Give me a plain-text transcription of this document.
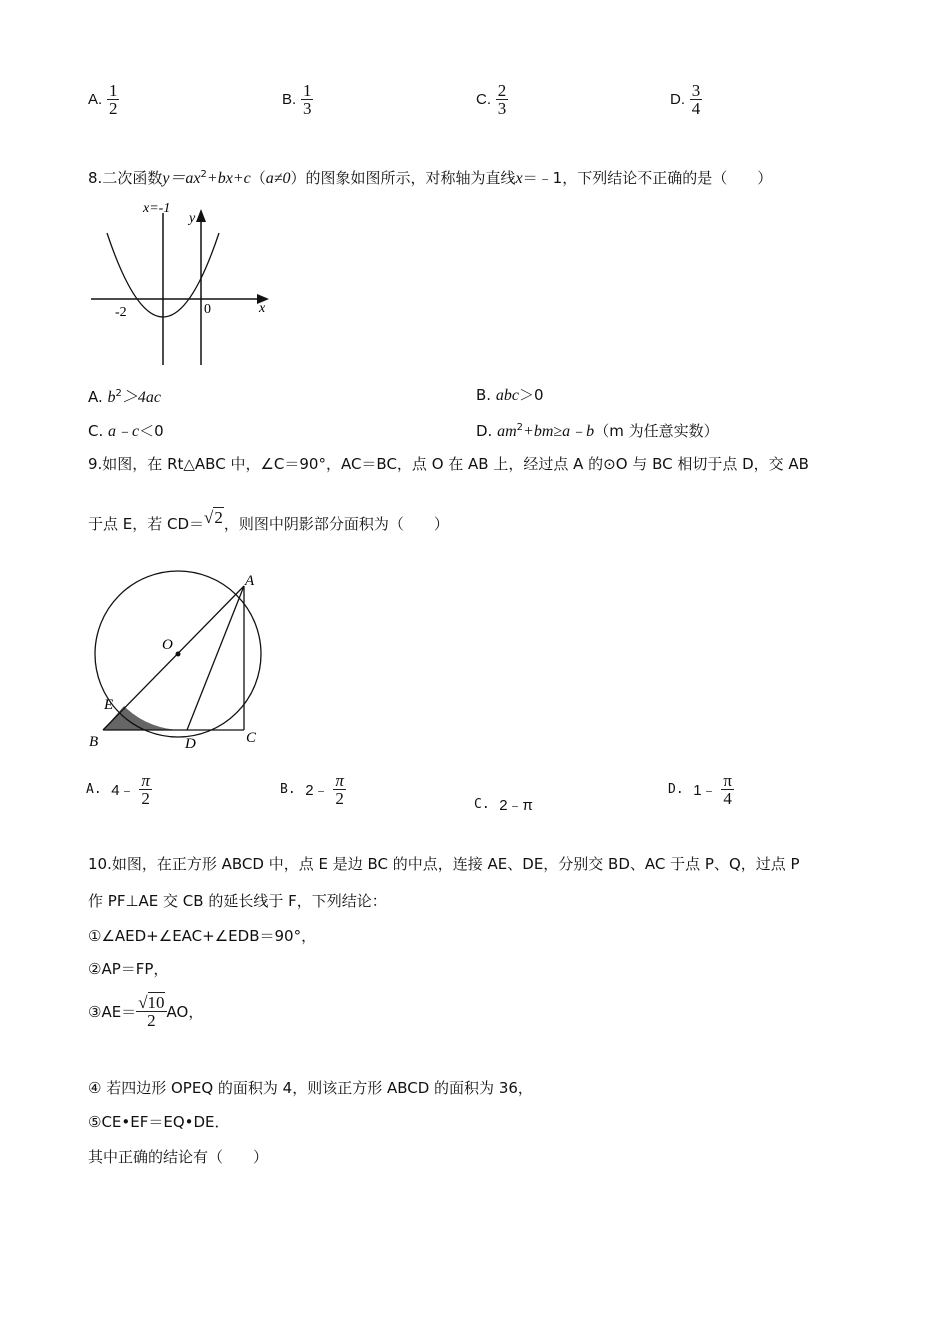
A. $\frac{1}{2}$	B. $\frac{1}{3}$	C. $\frac{2}{3}$	D. $\frac{3}{4}$
8.二次函数$y=ax^2+bx+c(a\ne 0)$的图象如图所示，对称轴为直线x＝﹣1，下列结论不正确的是（　　）
x=-1
y
x
-2	0
A. $b^2>4ac$	B. abc＞0
C. a﹣c＜0	D. $am^2+bm\ge a﹣b(m$ 为任意实数）
9.如图，在 Rt△ABC 中，∠C＝90°，AC＝BC，点 O 在 AB 上，经过点 A 的⊙O 与 BC 相切于点 D，交 AB
于点 E，若 CD＝√2，则图中阴影部分面积为（　　）
A
O
E
B	D	C
A. 4﹣ $\frac{\pi}{2}$	B. 2﹣ $\frac{\pi}{2}$	C. 2﹣π
D. 1﹣ $\frac{\pi}{4}$
10.如图，在正方形 ABCD 中，点 E 是边 BC 的中点，连接 AE、DE，分别交 BD、AC 于点 P、Q，过点 P
作 PF⊥AE 交 CB 的延长线于 F，下列结论：
①∠AED+∠EAC+∠EDB＝90°，
②AP＝FP，
③AE＝ $\frac{√10}{2}$ AO，
④ 若四边形 OPEQ 的面积为 4，则该正方形 ABCD 的面积为 36，
⑤CE•EF＝EQ•DE．
其中正确的结论有（　　）
